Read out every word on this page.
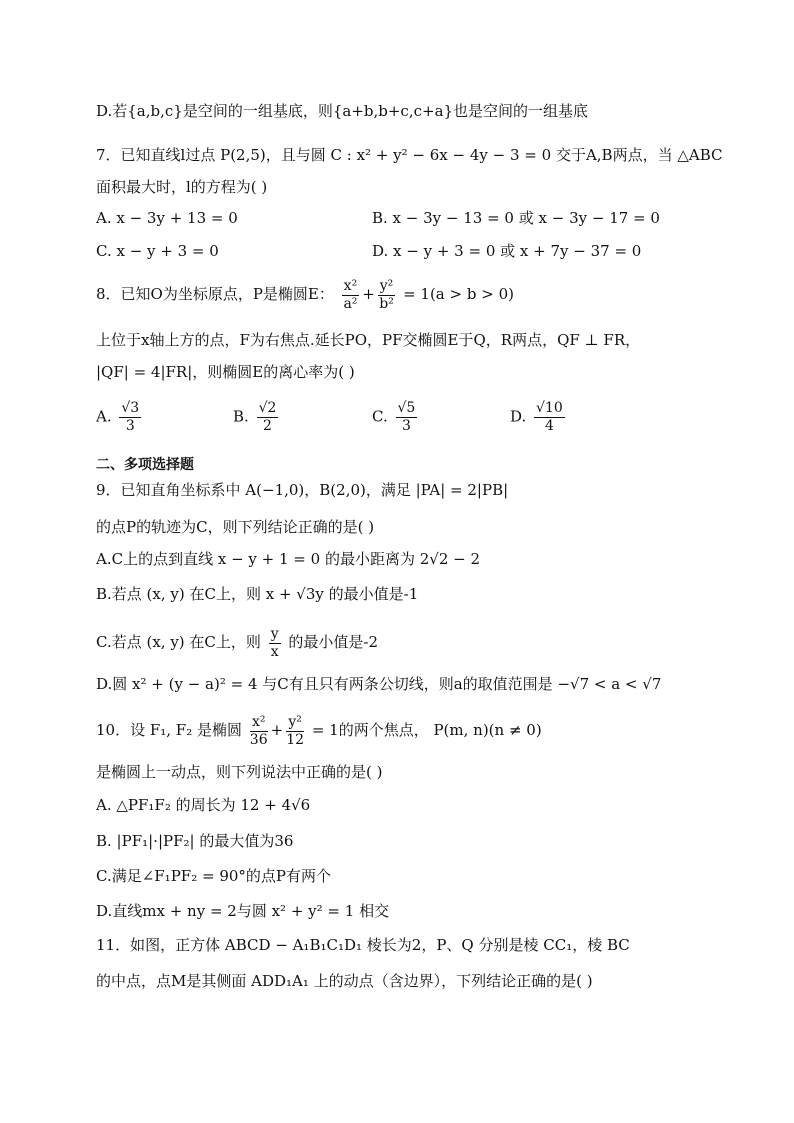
D.若{a,b,c}是空间的一组基底，则{a+b,b+c,c+a}也是空间的一组基底
7．已知直线l过点 P(2,5)，且与圆 C : x² + y² − 6x − 4y − 3 = 0 交于A,B两点，当 △ABC
面积最大时，l的方程为( )
A. x − 3y + 13 = 0	B. x − 3y − 13 = 0 或 x − 3y − 17 = 0
C. x − y + 3 = 0	D. x − y + 3 = 0 或 x + 7y − 37 = 0
8．已知O为坐标原点，P是椭圆E： $\frac{\text{x²}}{\text{a²}} + \frac{\text{y²}}{\text{b²}} = 1(a > b > 0)$
上位于x轴上方的点，F为右焦点.延长PO，PF交椭圆E于Q，R两点，QF ⊥ FR，
|QF| = 4|FR|，则椭圆E的离心率为( )
A. $\frac{√3}{3}$	B. $\frac{√2}{2}$	C. $\frac{√5}{3}$	D. $\frac{√10}{4}$
二、多项选择题
9．已知直角坐标系中 A(−1,0)，B(2,0)，满足 |PA| = 2|PB|
的点P的轨迹为C，则下列结论正确的是( )
A.C上的点到直线 x − y + 1 = 0 的最小距离为 2√2 − 2
B.若点 (x, y) 在C上，则 x + √3y 的最小值是-1
C.若点 (x, y) 在C上，则 $\frac{y}{x}$ 的最小值是-2
D.圆 x² + (y − a)² = 4 与C有且只有两条公切线，则a的取值范围是 −√7 < a < √7
10．设 F₁, F₂ 是椭圆 $\frac{\text{x²}}{36} + \frac{\text{y²}}{12} = 1$的两个焦点， P(m, n)(n ≠ 0)
是椭圆上一动点，则下列说法中正确的是( )
A. △PF₁F₂ 的周长为 12 + 4√6
B. |PF₁|·|PF₂| 的最大值为36
C.满足∠F₁PF₂ = 90°的点P有两个
D.直线mx + ny = 2与圆 x² + y² = 1 相交
11．如图，正方体 ABCD − A₁B₁C₁D₁ 棱长为2，P、Q 分别是棱 CC₁，棱 BC
的中点，点M是其侧面 ADD₁A₁ 上的动点（含边界），下列结论正确的是( )
